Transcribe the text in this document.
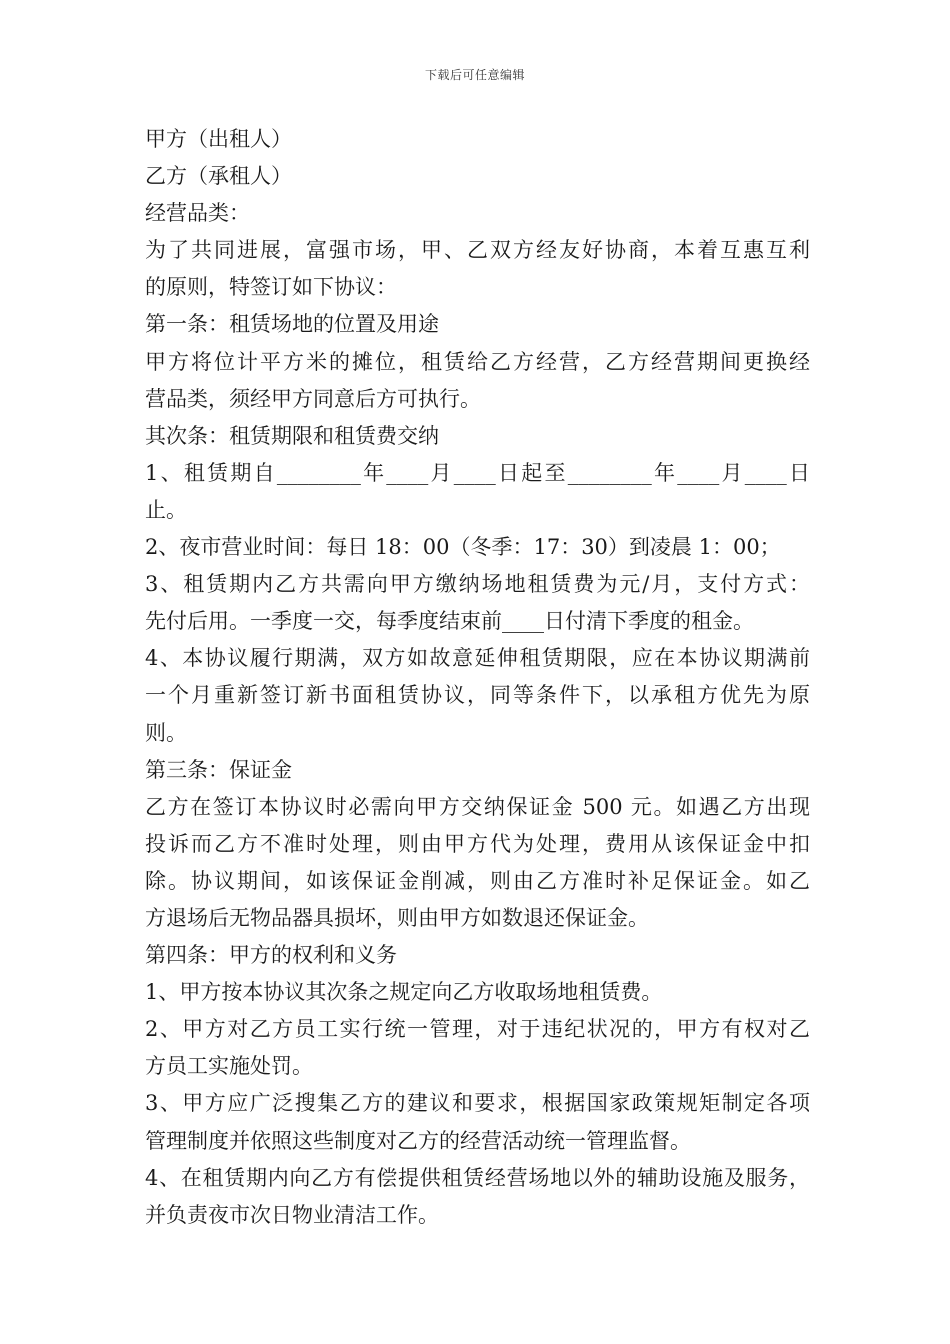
下载后可任意编辑
甲方（出租人）
乙方（承租人）
经营品类：
为了共同进展，富强市场，甲、乙双方经友好协商，本着互惠互利
的原则，特签订如下协议：
第一条：租赁场地的位置及用途
甲方将位计平方米的摊位，租赁给乙方经营，乙方经营期间更换经
营品类，须经甲方同意后方可执行。
其次条：租赁期限和租赁费交纳
1、租赁期自________年____月____日起至________年____月____日
止。
2、夜市营业时间：每日 18：00（冬季：17：30）到凌晨 1：00；
3、租赁期内乙方共需向甲方缴纳场地租赁费为元/月，支付方式：
先付后用。一季度一交，每季度结束前____日付清下季度的租金。
4、本协议履行期满，双方如故意延伸租赁期限，应在本协议期满前
一个月重新签订新书面租赁协议，同等条件下，以承租方优先为原
则。
第三条：保证金
乙方在签订本协议时必需向甲方交纳保证金 500 元。如遇乙方出现
投诉而乙方不准时处理，则由甲方代为处理，费用从该保证金中扣
除。协议期间，如该保证金削减，则由乙方准时补足保证金。如乙
方退场后无物品器具损坏，则由甲方如数退还保证金。
第四条：甲方的权利和义务
1、甲方按本协议其次条之规定向乙方收取场地租赁费。
2、甲方对乙方员工实行统一管理，对于违纪状况的，甲方有权对乙
方员工实施处罚。
3、甲方应广泛搜集乙方的建议和要求，根据国家政策规矩制定各项
管理制度并依照这些制度对乙方的经营活动统一管理监督。
4、在租赁期内向乙方有偿提供租赁经营场地以外的辅助设施及服务，
并负责夜市次日物业清洁工作。
